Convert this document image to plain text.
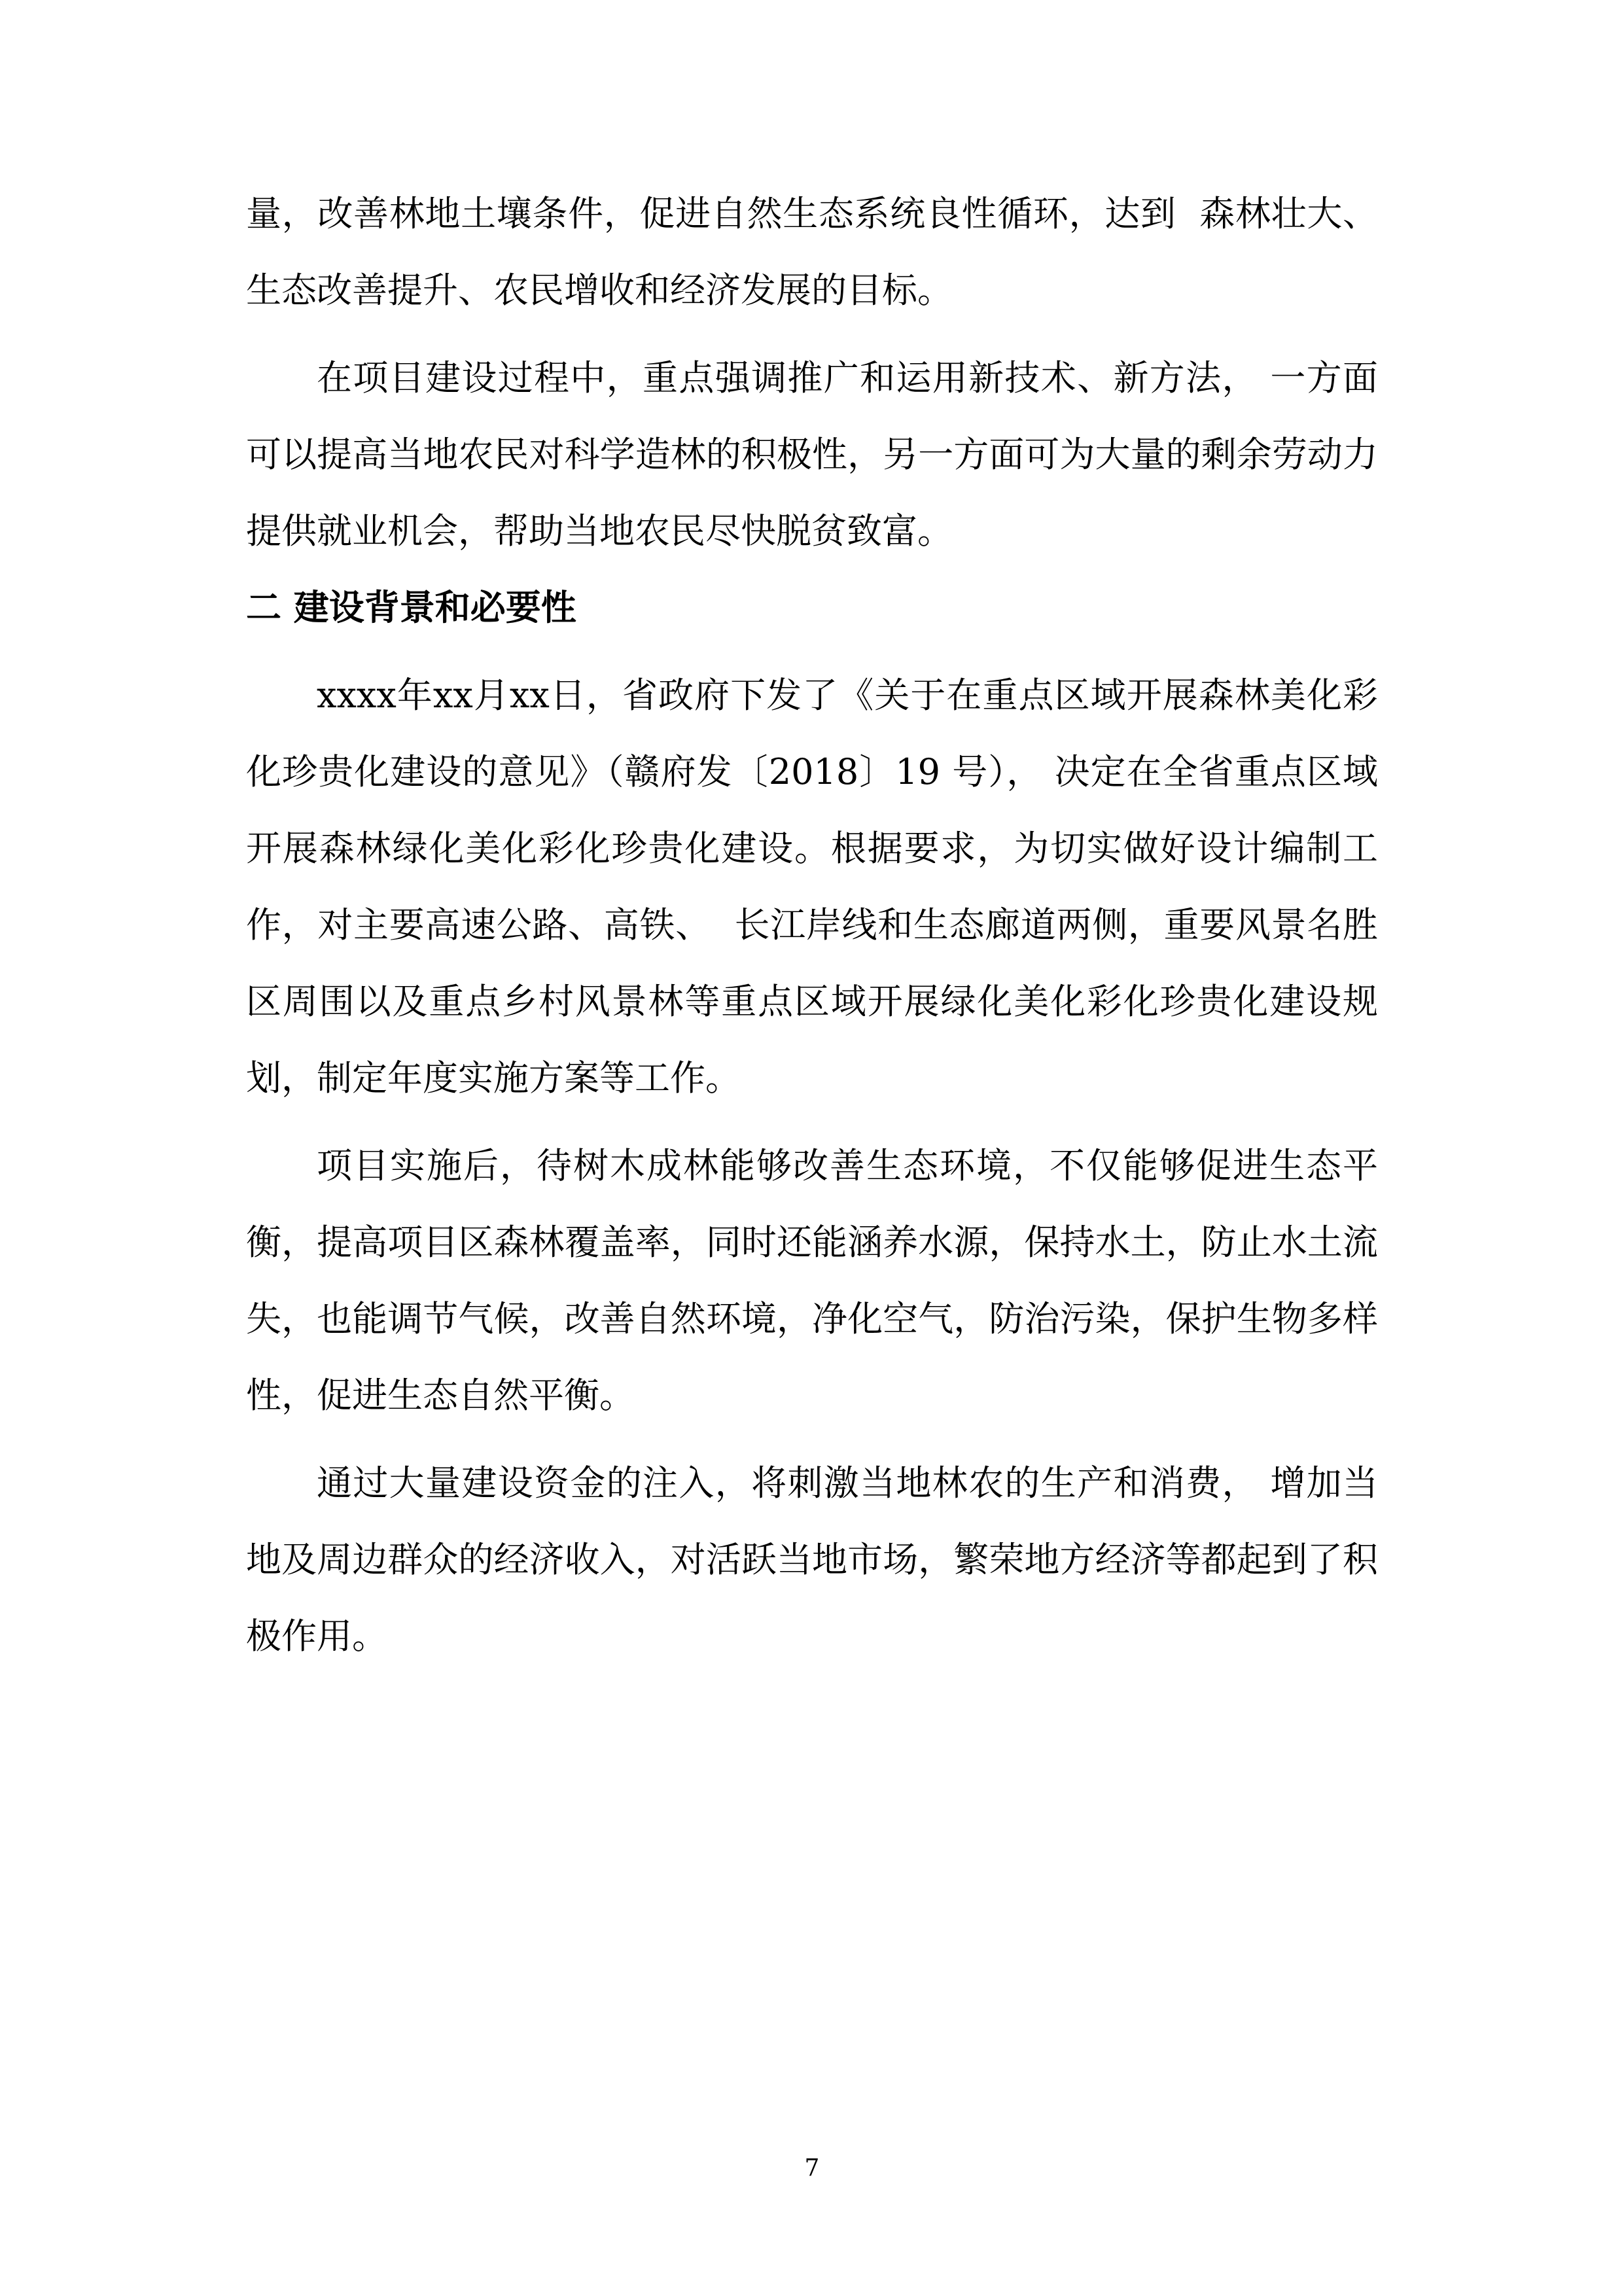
量，改善林地土壤条件，促进自然生态系统良性循环，达到  森林壮大、生态改善提升、农民增收和经济发展的目标。

在项目建设过程中，重点强调推广和运用新技术、新方法， 一方面可以提高当地农民对科学造林的积极性，另一方面可为大量的剩余劳动力提供就业机会，帮助当地农民尽快脱贫致富。

二 建设背景和必要性

xxxx年xx月xx日，省政府下发了《关于在重点区域开展森林美化彩化珍贵化建设的意见》（赣府发〔2018〕19 号）， 决定在全省重点区域开展森林绿化美化彩化珍贵化建设。根据要求，为切实做好设计编制工作，对主要高速公路、高铁、  长江岸线和生态廊道两侧，重要风景名胜区周围以及重点乡村风景林等重点区域开展绿化美化彩化珍贵化建设规划，制定年度实施方案等工作。

项目实施后，待树木成林能够改善生态环境，不仅能够促进生态平衡，提高项目区森林覆盖率，同时还能涵养水源，保持水土，防止水土流失，也能调节气候，改善自然环境，净化空气，防治污染，保护生物多样性，促进生态自然平衡。

通过大量建设资金的注入，将刺激当地林农的生产和消费， 增加当地及周边群众的经济收入，对活跃当地市场，繁荣地方经济等都起到了积极作用。

7
